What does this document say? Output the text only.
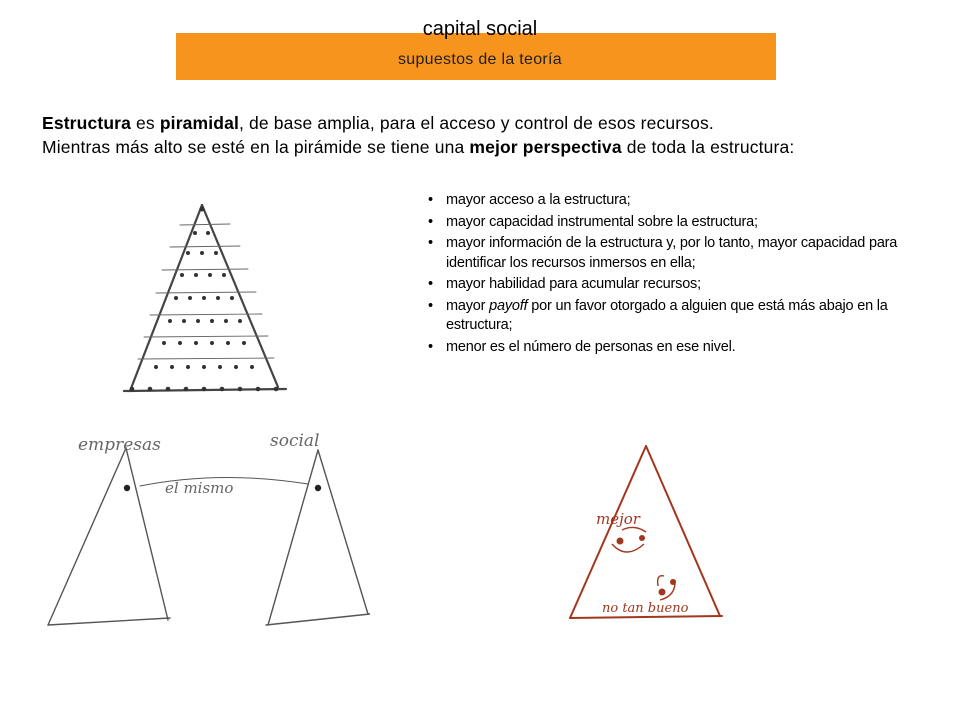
capital social
supuestos de la teoría
Estructura es piramidal, de base amplia, para el acceso y control de esos recursos.
Mientras más alto se esté en la pirámide se tiene una mejor perspectiva de toda la estructura:
• mayor acceso a la estructura;
• mayor capacidad instrumental sobre la estructura;
• mayor información de la estructura y, por lo tanto, mayor capacidad para identificar los recursos inmersos en ella;
• mayor habilidad para acumular recursos;
• mayor payoff por un favor otorgado a alguien que está más abajo en la estructura;
• menor es el número de personas en ese nivel.
empresas	social
el mismo
mejor
no tan bueno
